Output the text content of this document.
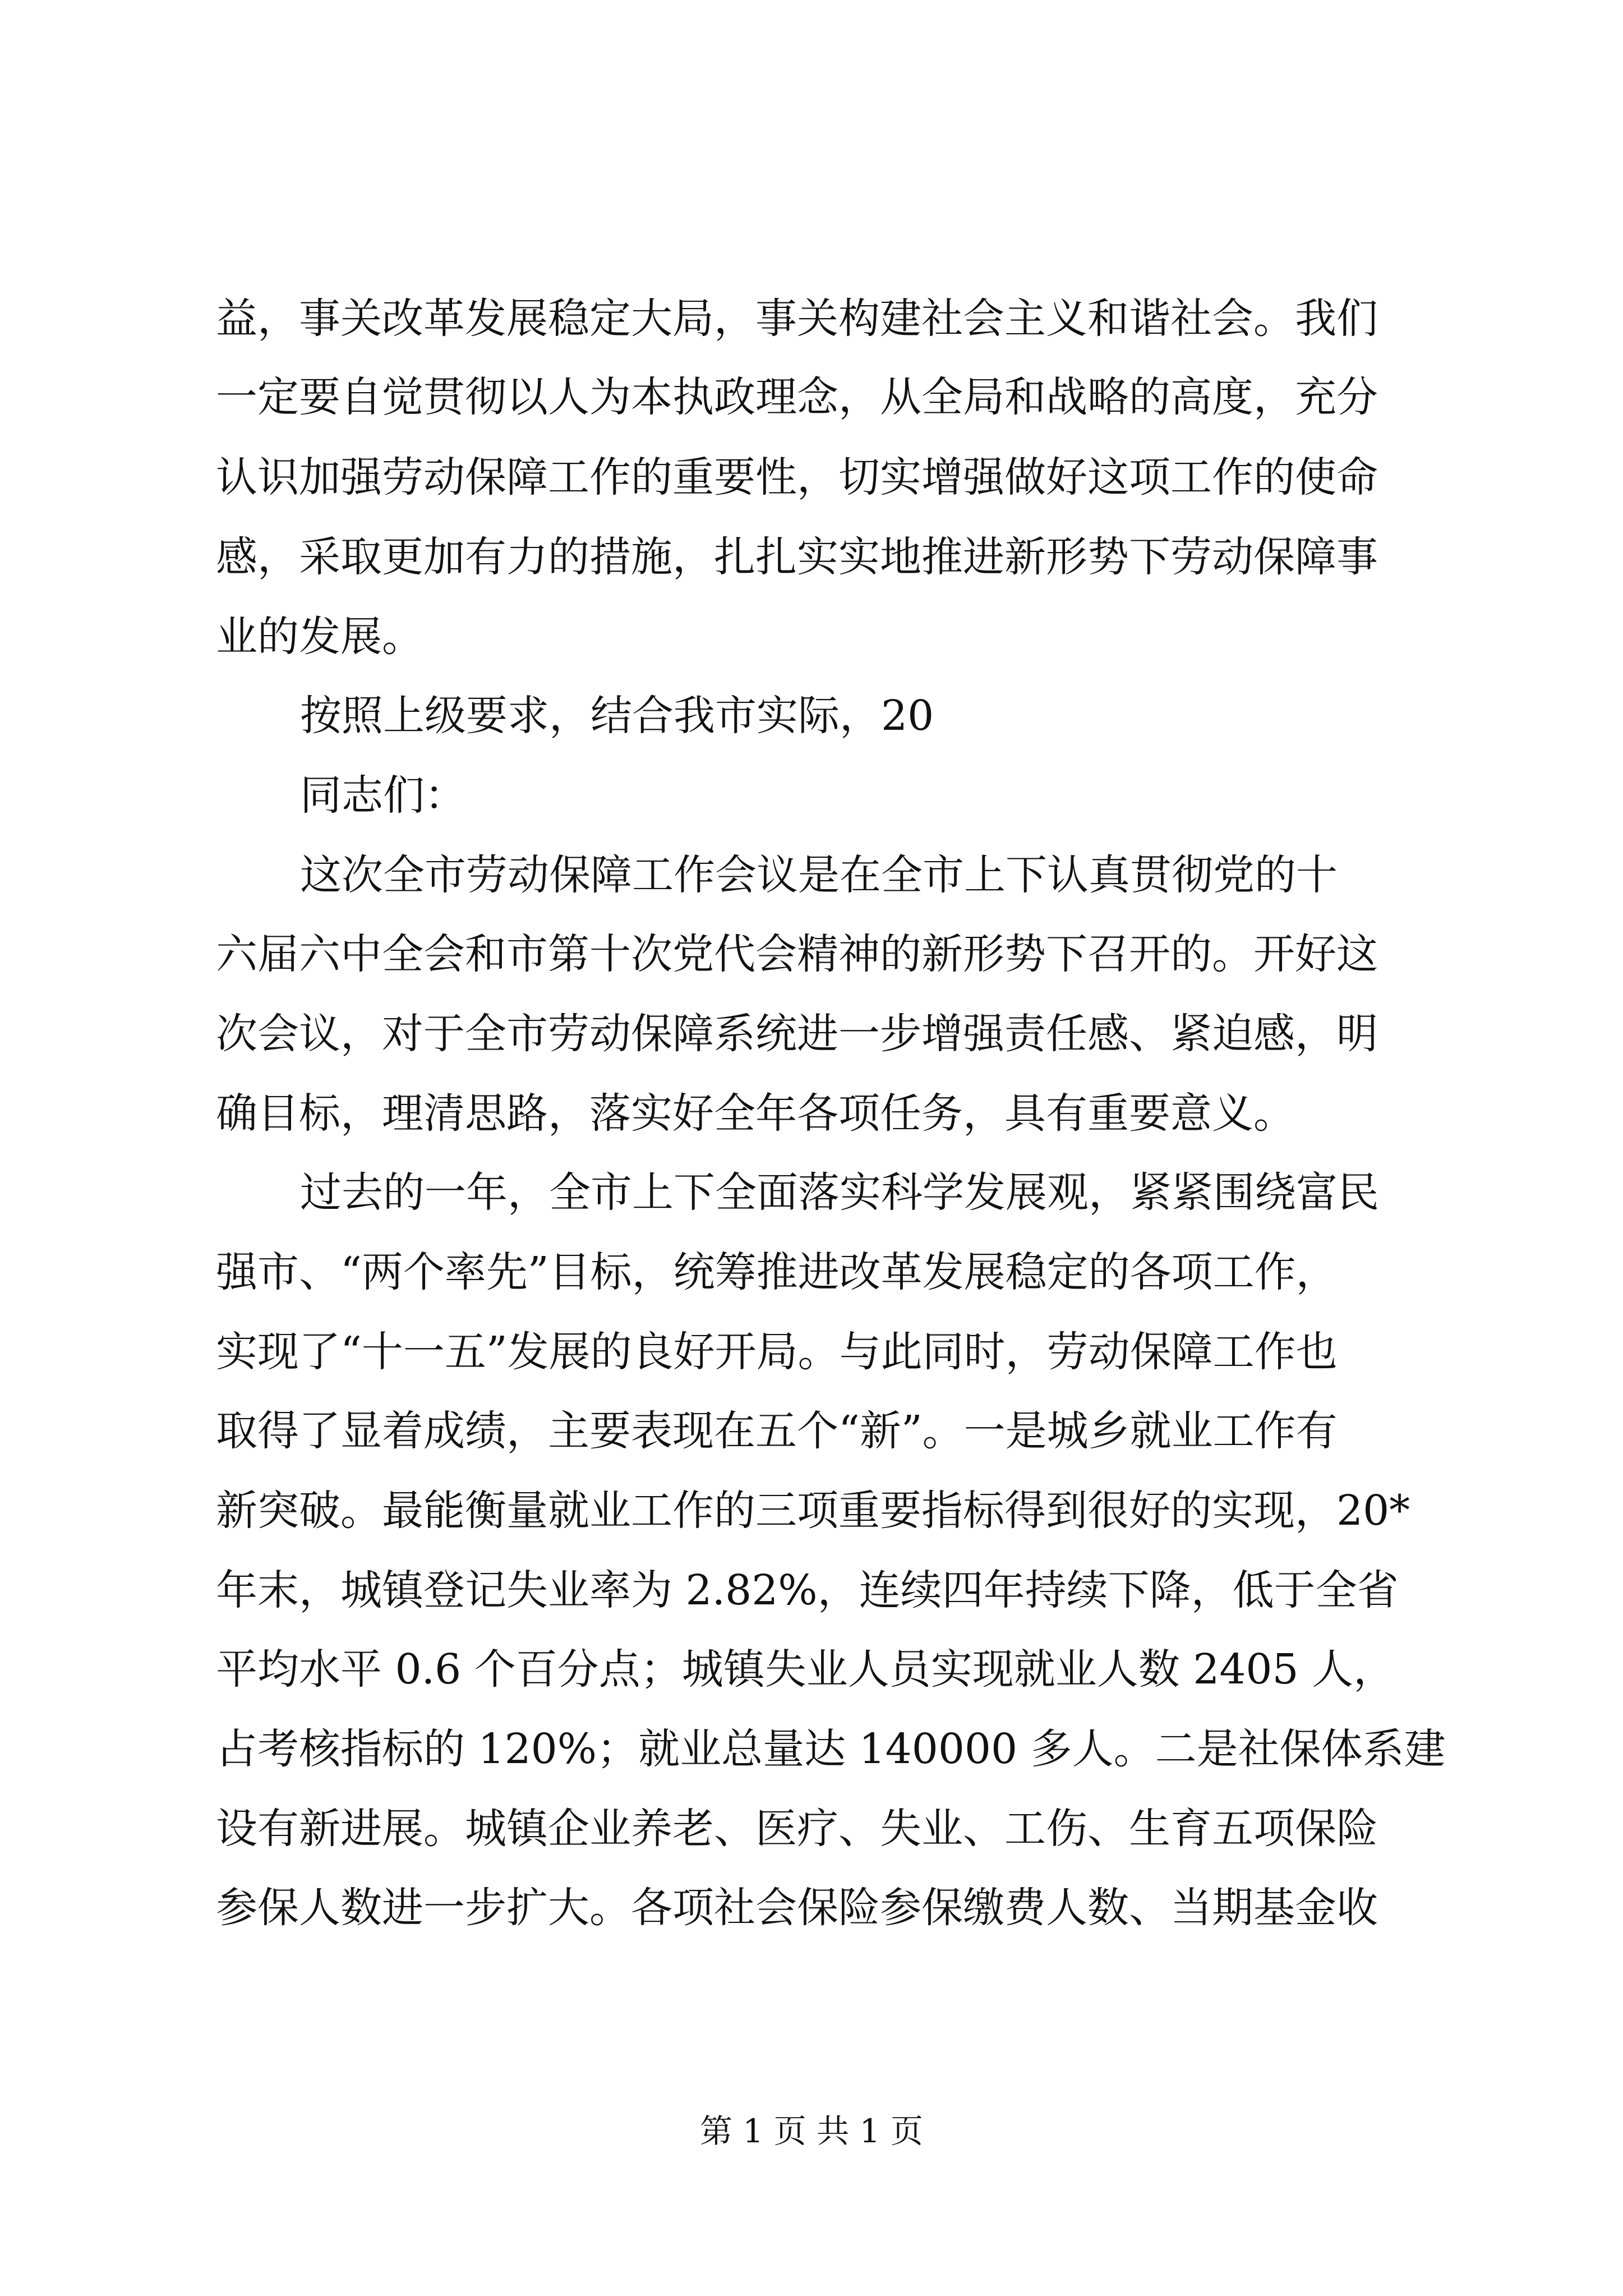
益，事关改革发展稳定大局，事关构建社会主义和谐社会。我们
一定要自觉贯彻以人为本执政理念，从全局和战略的高度，充分
认识加强劳动保障工作的重要性，切实增强做好这项工作的使命
感，采取更加有力的措施，扎扎实实地推进新形势下劳动保障事
业的发展。
按照上级要求，结合我市实际，20
同志们：
这次全市劳动保障工作会议是在全市上下认真贯彻党的十
六届六中全会和市第十次党代会精神的新形势下召开的。开好这
次会议，对于全市劳动保障系统进一步增强责任感、紧迫感，明
确目标，理清思路，落实好全年各项任务，具有重要意义。
过去的一年，全市上下全面落实科学发展观，紧紧围绕富民
强市、“两个率先”目标，统筹推进改革发展稳定的各项工作，
实现了“十一五”发展的良好开局。与此同时，劳动保障工作也
取得了显着成绩，主要表现在五个“新”。一是城乡就业工作有
新突破。最能衡量就业工作的三项重要指标得到很好的实现，20*
年末，城镇登记失业率为 2.82%，连续四年持续下降，低于全省
平均水平 0.6 个百分点；城镇失业人员实现就业人数 2405 人，
占考核指标的 120%；就业总量达 140000 多人。二是社保体系建
设有新进展。城镇企业养老、医疗、失业、工伤、生育五项保险
参保人数进一步扩大。各项社会保险参保缴费人数、当期基金收
第 1 页 共 1 页
